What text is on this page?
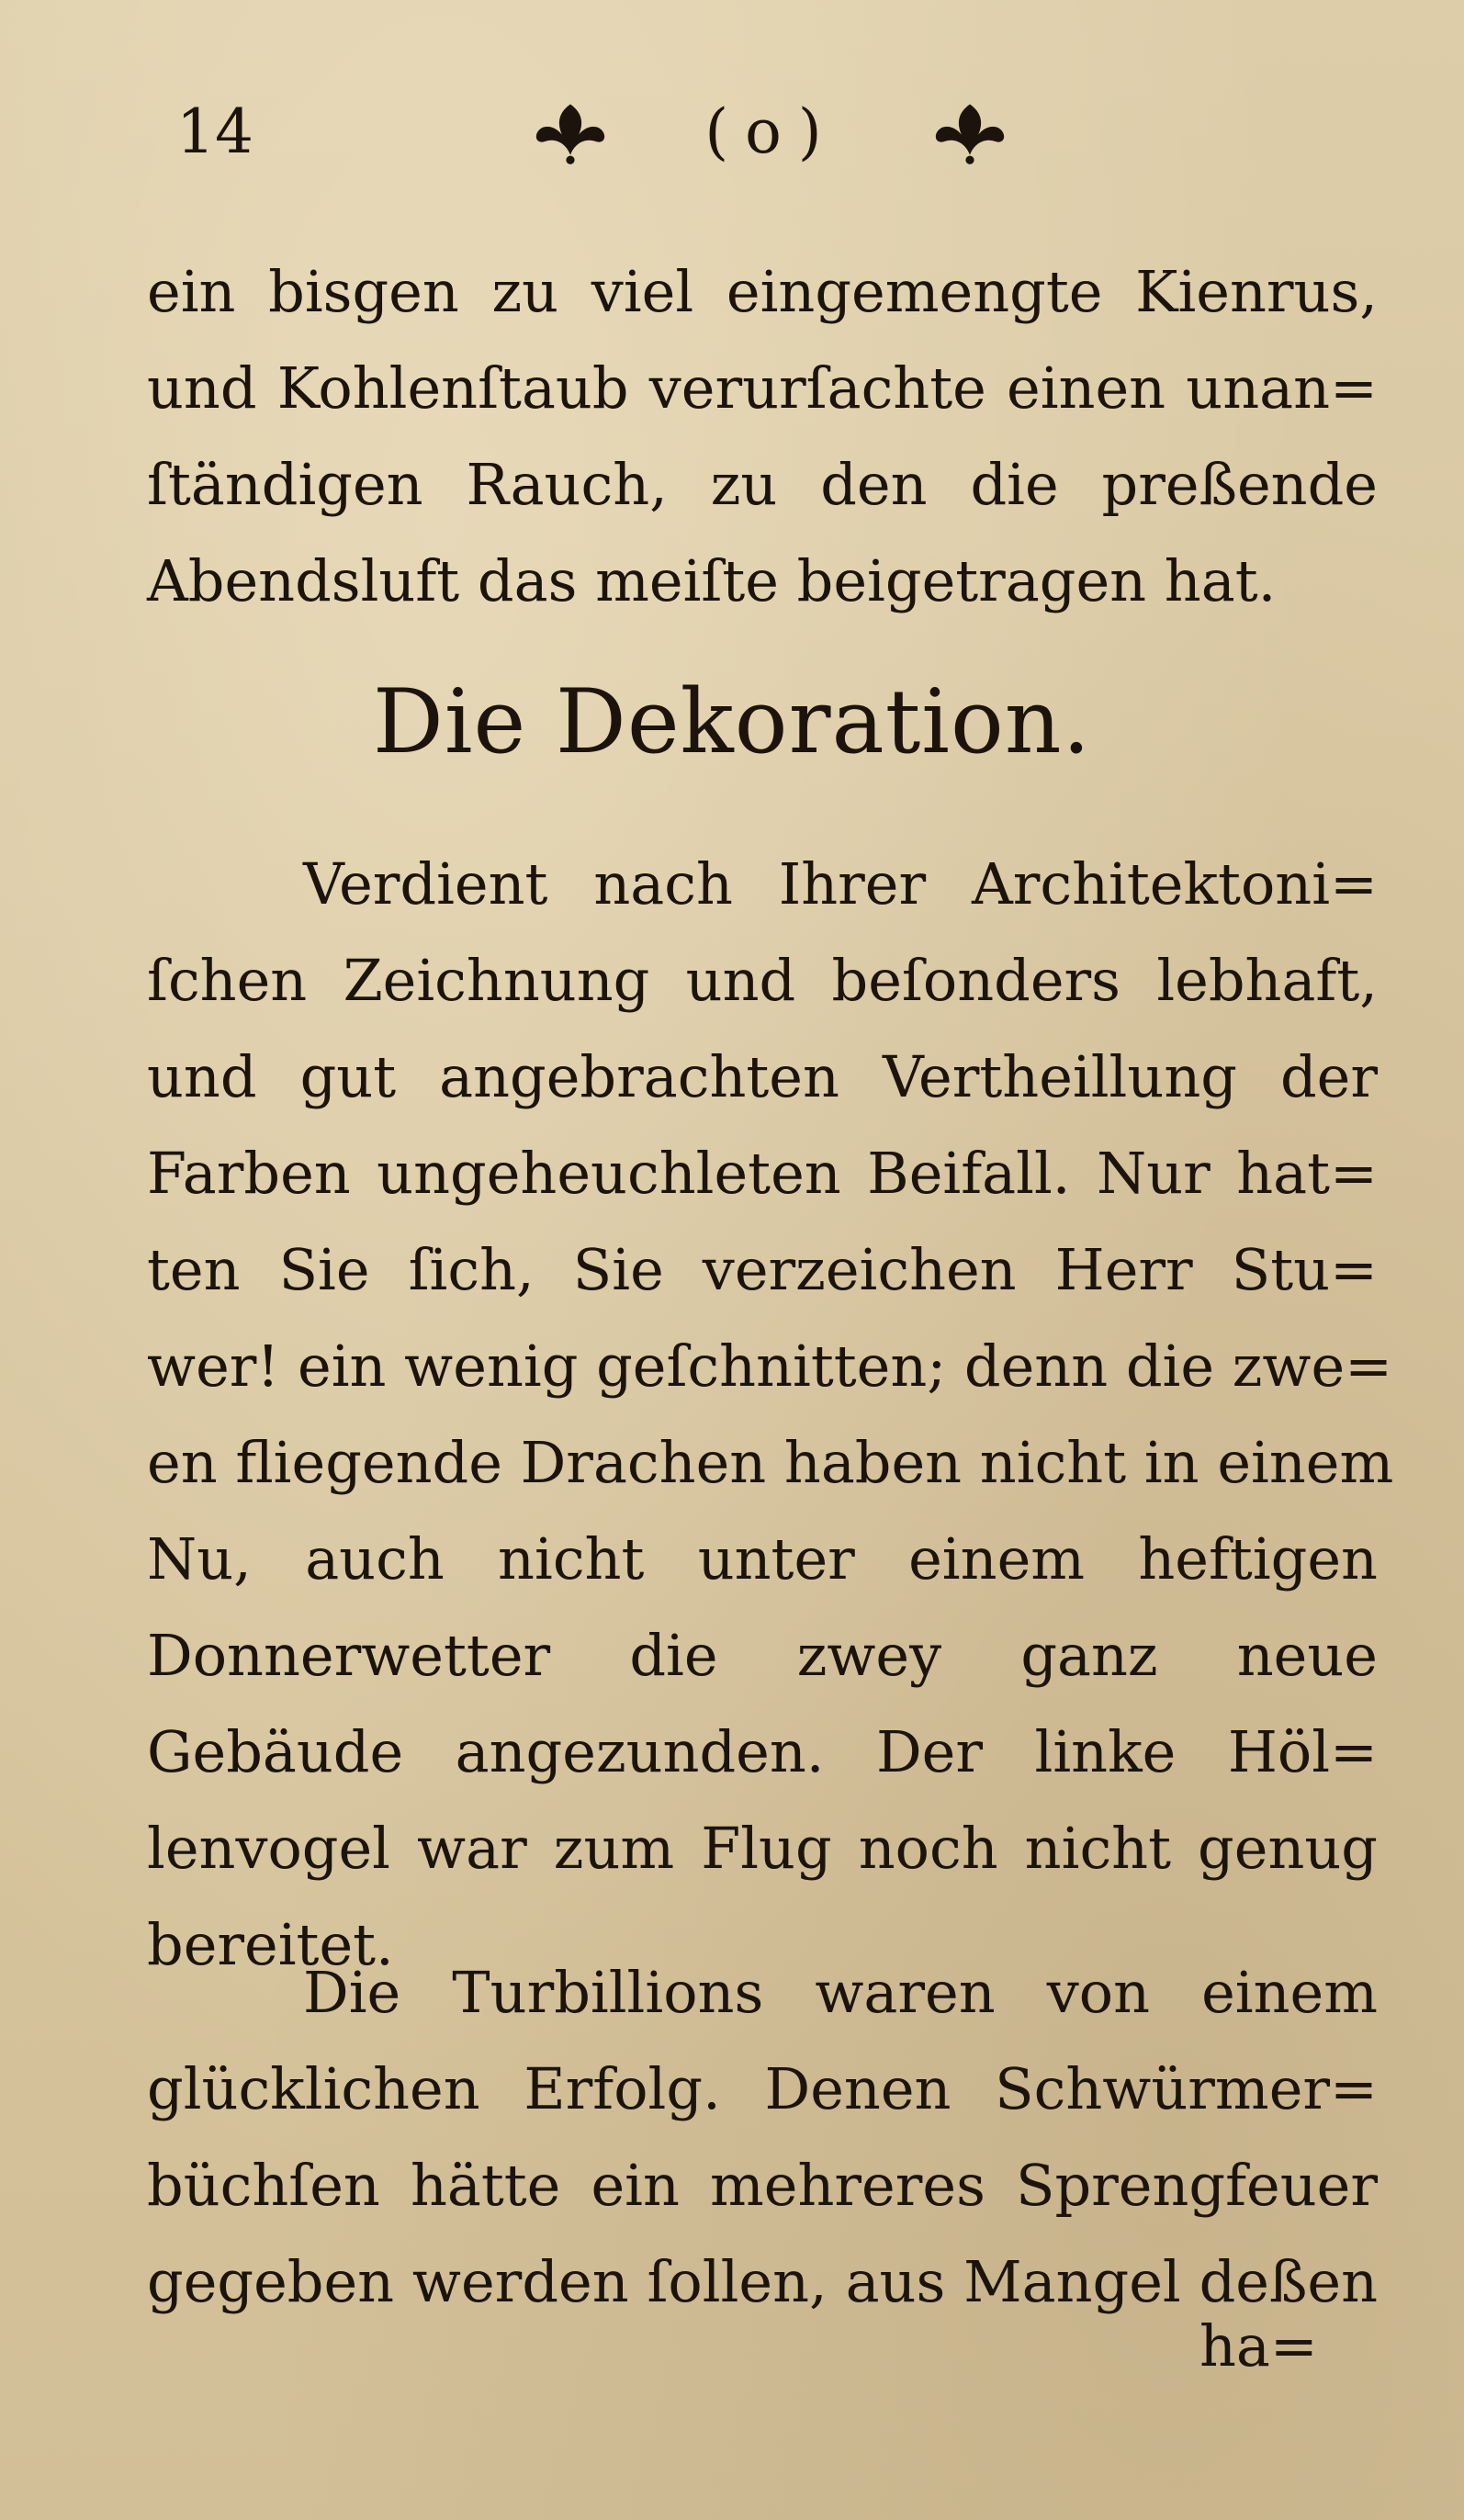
14	(o)
ein bisgen zu viel eingemengte Kienrus,
und Kohlenſtaub verurſachte einen unan=
ſtändigen Rauch, zu den die preßende
Abendsluft das meiſte beigetragen hat.
Die Dekoration.
Verdient nach Ihrer Architektoni=
ſchen Zeichnung und beſonders lebhaft,
und gut angebrachten Vertheillung der
Farben ungeheuchleten Beifall. Nur hat=
ten Sie ſich, Sie verzeichen Herr Stu=
wer! ein wenig geſchnitten; denn die zwe=
en fliegende Drachen haben nicht in einem
Nu, auch nicht unter einem heftigen
Donnerwetter die zwey ganz neue
Gebäude angezunden. Der linke Höl=
lenvogel war zum Flug noch nicht genug
bereitet.
Die Turbillions waren von einem
glücklichen Erfolg. Denen Schwürmer=
büchſen hätte ein mehreres Sprengfeuer
gegeben werden ſollen, aus Mangel deßen
ha=
